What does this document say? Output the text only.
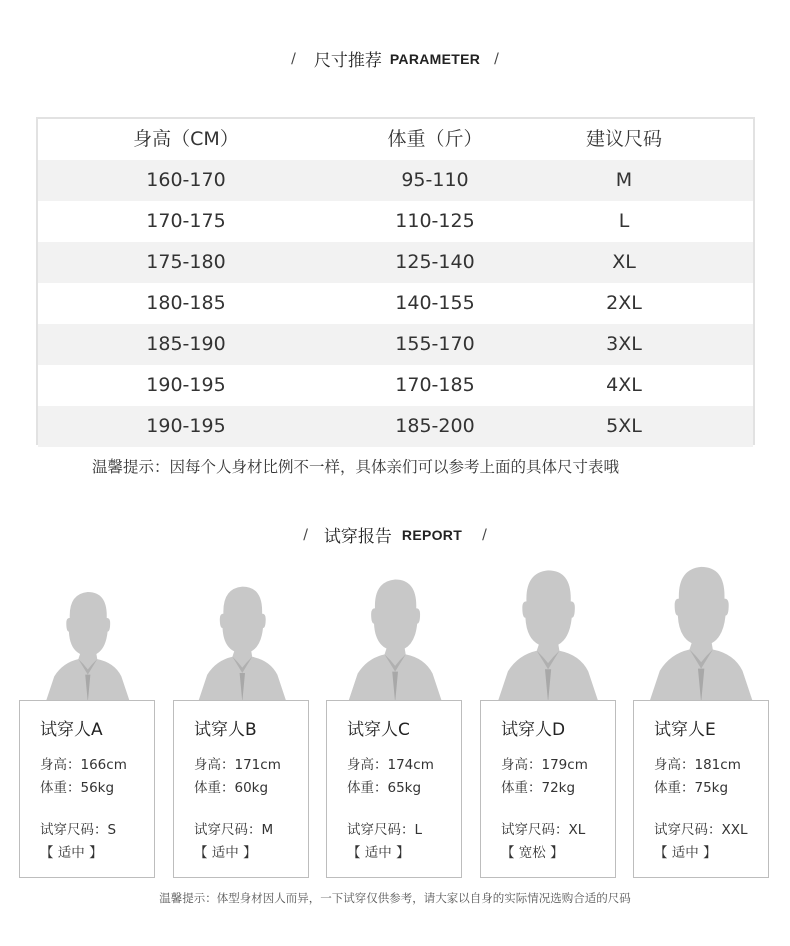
/ 尺寸推荐 PARAMETER /
身高（CM）	体重（斤）	建议尺码
160-170	95-110	M
170-175	110-125	L
175-180	125-140	XL
180-185	140-155	2XL
185-190	155-170	3XL
190-195	170-185	4XL
190-195	185-200	5XL
温馨提示：因每个人身材比例不一样，具体亲们可以参考上面的具体尺寸表哦
/ 试穿报告 REPORT /
试穿人A
身高：166cm
体重：56kg
试穿尺码：S
【 适中 】
试穿人B
身高：171cm
体重：60kg
试穿尺码：M
【 适中 】
试穿人C
身高：174cm
体重：65kg
试穿尺码：L
【 适中 】
试穿人D
身高：179cm
体重：72kg
试穿尺码：XL
【 宽松 】
试穿人E
身高：181cm
体重：75kg
试穿尺码：XXL
【 适中 】
温馨提示：体型身材因人而异，一下试穿仅供参考，请大家以自身的实际情况选购合适的尺码
